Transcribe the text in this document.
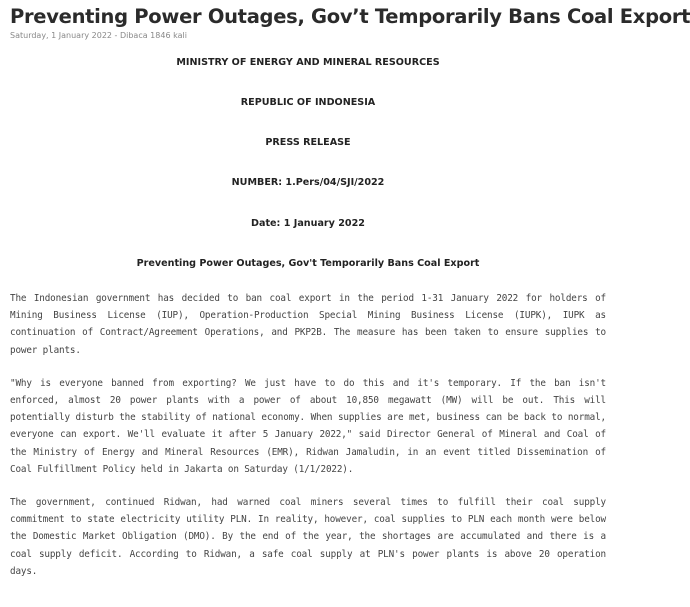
Preventing Power Outages, Gov’t Temporarily Bans Coal Export
Saturday, 1 January 2022 - Dibaca 1846 kali

MINISTRY OF ENERGY AND MINERAL RESOURCES

REPUBLIC OF INDONESIA

PRESS RELEASE

NUMBER: 1.Pers/04/SJI/2022

Date: 1 January 2022

Preventing Power Outages, Gov't Temporarily Bans Coal Export

The Indonesian government has decided to ban coal export in the period 1-31 January 2022 for holders of Mining Business License (IUP), Operation-Production Special Mining Business License (IUPK), IUPK as continuation of Contract/Agreement Operations, and PKP2B. The measure has been taken to ensure supplies to power plants.

"Why is everyone banned from exporting? We just have to do this and it's temporary. If the ban isn't enforced, almost 20 power plants with a power of about 10,850 megawatt (MW) will be out. This will potentially disturb the stability of national economy. When supplies are met, business can be back to normal, everyone can export. We'll evaluate it after 5 January 2022," said Director General of Mineral and Coal of the Ministry of Energy and Mineral Resources (EMR), Ridwan Jamaludin, in an event titled Dissemination of Coal Fulfillment Policy held in Jakarta on Saturday (1/1/2022).

The government, continued Ridwan, had warned coal miners several times to fulfill their coal supply commitment to state electricity utility PLN. In reality, however, coal supplies to PLN each month were below the Domestic Market Obligation (DMO). By the end of the year, the shortages are accumulated and there is a coal supply deficit. According to Ridwan, a safe coal supply at PLN's power plants is above 20 operation days.
